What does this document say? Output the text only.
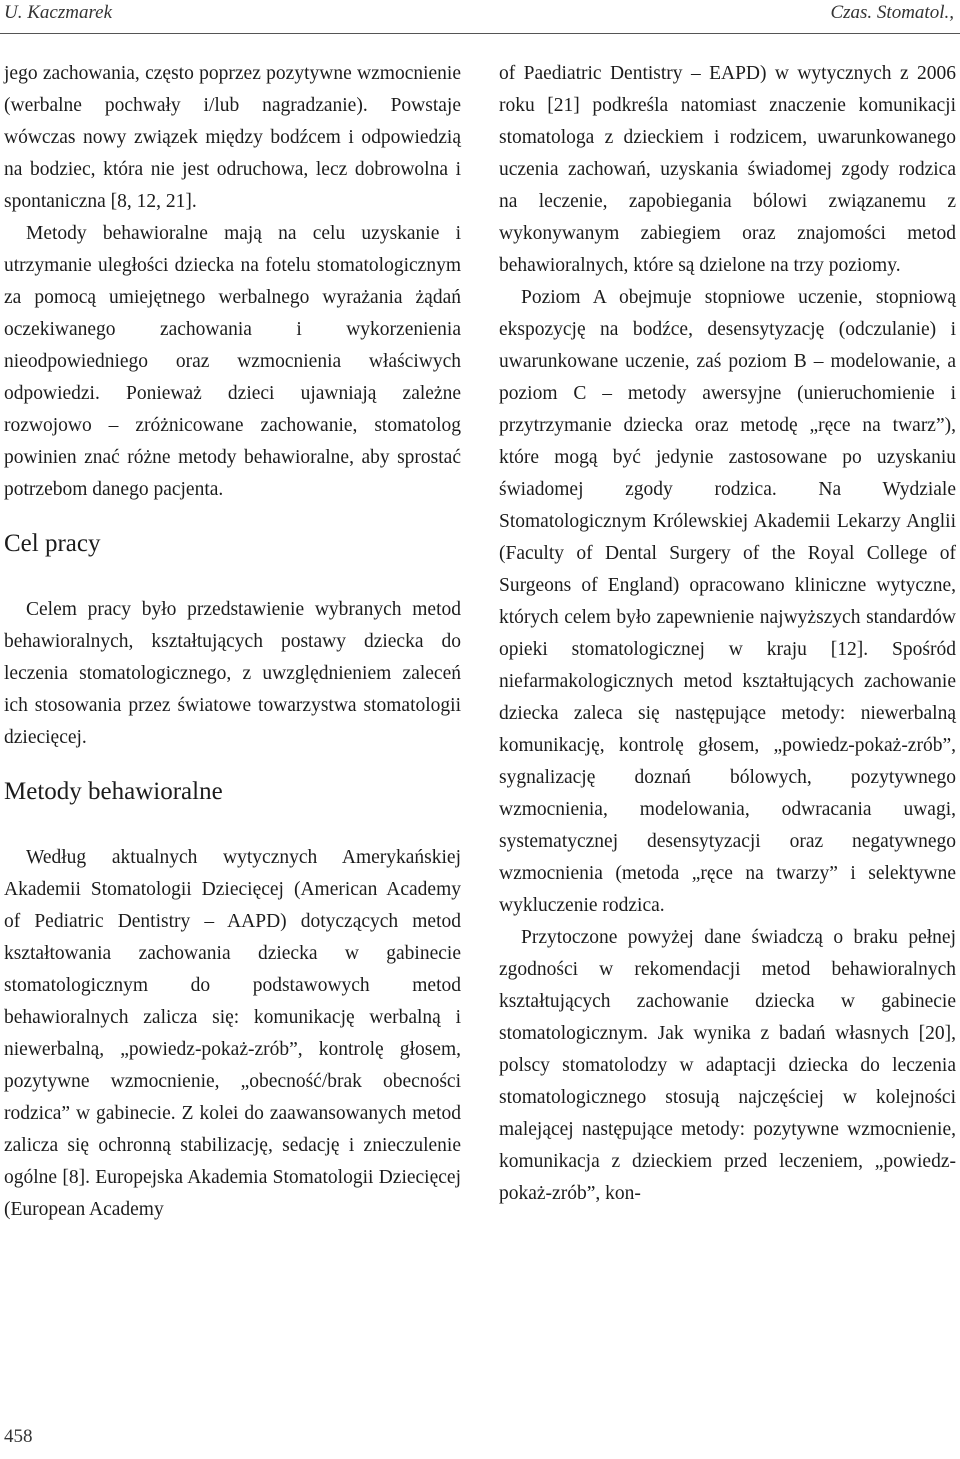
U. Kaczmarek	Czas. Stomatol.,

jego zachowania, często poprzez pozytywne wzmocnienie (werbalne pochwały i/lub nagradzanie). Powstaje wówczas nowy związek między bodźcem i odpowiedzią na bodziec, która nie jest odruchowa, lecz dobrowolna i spontaniczna [8, 12, 21].

Metody behawioralne mają na celu uzyskanie i utrzymanie uległości dziecka na fotelu stomatologicznym za pomocą umiejętnego werbalnego wyrażania żądań oczekiwanego zachowania i wykorzenienia nieodpowiedniego oraz wzmocnienia właściwych odpowiedzi. Ponieważ dzieci ujawniają zależne rozwojowo – zróżnicowane zachowanie, stomatolog powinien znać różne metody behawioralne, aby sprostać potrzebom danego pacjenta.

Cel pracy

Celem pracy było przedstawienie wybranych metod behawioralnych, kształtujących postawy dziecka do leczenia stomatologicznego, z uwzględnieniem zaleceń ich stosowania przez światowe towarzystwa stomatologii dziecięcej.

Metody behawioralne

Według aktualnych wytycznych Amerykańskiej Akademii Stomatologii Dziecięcej (American Academy of Pediatric Dentistry – AAPD) dotyczących metod kształtowania zachowania dziecka w gabinecie stomatologicznym do podstawowych metod behawioralnych zalicza się: komunikację werbalną i niewerbalną, „powiedz-pokaż-zrób”, kontrolę głosem, pozytywne wzmocnienie, „obecność/brak obecności rodzica” w gabinecie. Z kolei do zaawansowanych metod zalicza się ochronną stabilizację, sedację i znieczulenie ogólne [8]. Europejska Akademia Stomatologii Dziecięcej (European Academy

of Paediatric Dentistry – EAPD) w wytycznych z 2006 roku [21] podkreśla natomiast znaczenie komunikacji stomatologa z dzieckiem i rodzicem, uwarunkowanego uczenia zachowań, uzyskania świadomej zgody rodzica na leczenie, zapobiegania bólowi związanemu z wykonywanym zabiegiem oraz znajomości metod behawioralnych, które są dzielone na trzy poziomy.

Poziom A obejmuje stopniowe uczenie, stopniową ekspozycję na bodźce, desensytyzację (odczulanie) i uwarunkowane uczenie, zaś poziom B – modelowanie, a poziom C – metody awersyjne (unieruchomienie i przytrzymanie dziecka oraz metodę „ręce na twarz”), które mogą być jedynie zastosowane po uzyskaniu świadomej zgody rodzica. Na Wydziale Stomatologicznym Królewskiej Akademii Lekarzy Anglii (Faculty of Dental Surgery of the Royal College of Surgeons of England) opracowano kliniczne wytyczne, których celem było zapewnienie najwyższych standardów opieki stomatologicznej w kraju [12]. Spośród niefarmakologicznych metod kształtujących zachowanie dziecka zaleca się następujące metody: niewerbalną komunikację, kontrolę głosem, „powiedz-pokaż-zrób”, sygnalizację doznań bólowych, pozytywnego wzmocnienia, modelowania, odwracania uwagi, systematycznej desensytyzacji oraz negatywnego wzmocnienia (metoda „ręce na twarzy” i selektywne wykluczenie rodzica.

Przytoczone powyżej dane świadczą o braku pełnej zgodności w rekomendacji metod behawioralnych kształtujących zachowanie dziecka w gabinecie stomatologicznym. Jak wynika z badań własnych [20], polscy stomatolodzy w adaptacji dziecka do leczenia stomatologicznego stosują najczęściej w kolejności malejącej następujące metody: pozytywne wzmocnienie, komunikacja z dzieckiem przed leczeniem, „powiedz-pokaż-zrób”, kon-

458
